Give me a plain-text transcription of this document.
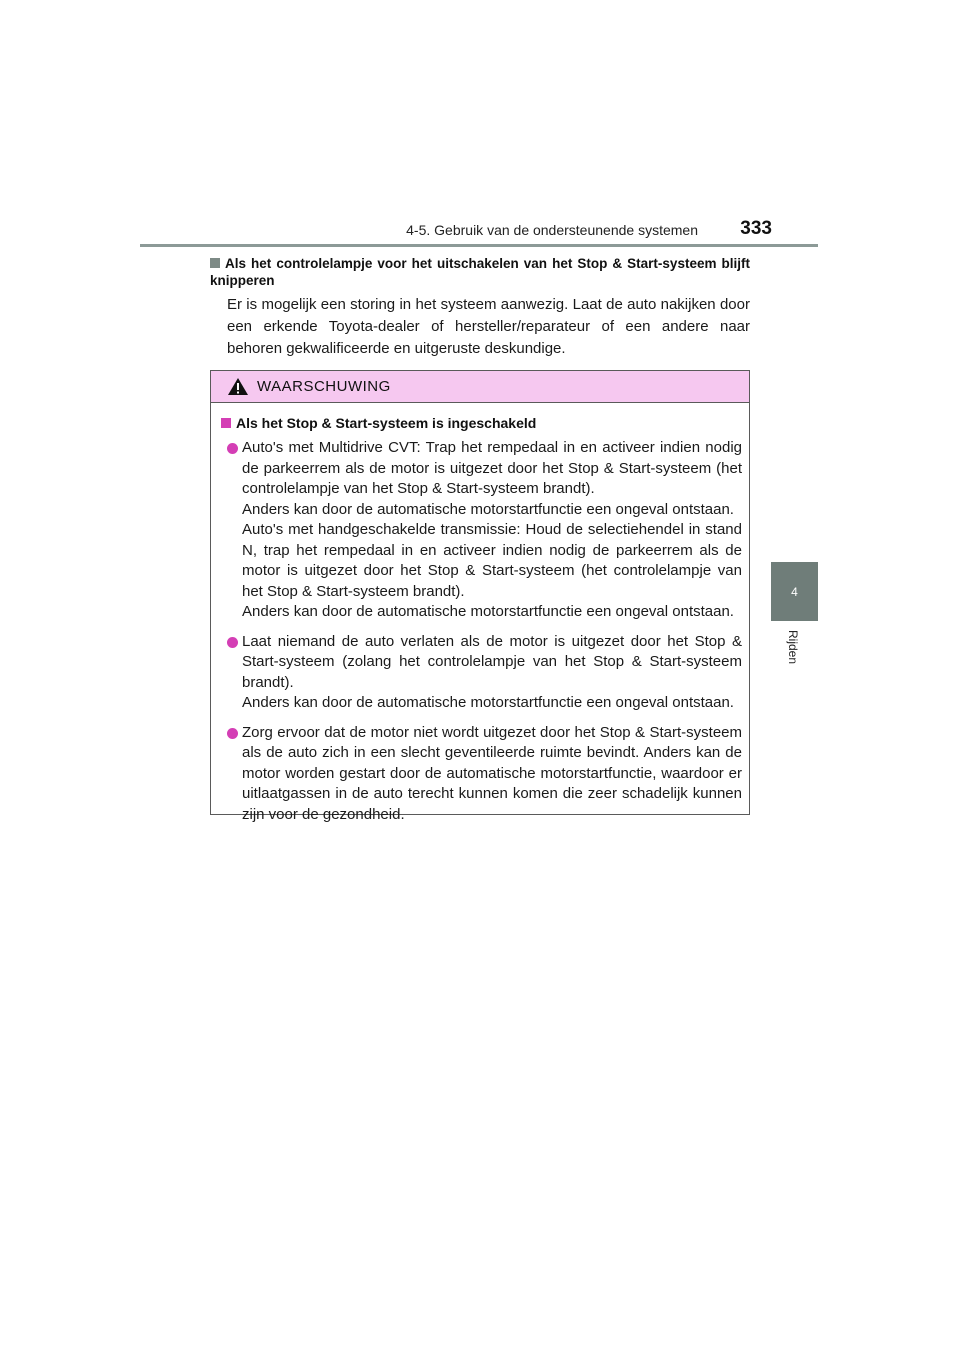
4-5. Gebruik van de ondersteunende systemen 333
4
Rijden
Als het controlelampje voor het uitschakelen van het Stop & Start-systeem blijft knipperen
Er is mogelijk een storing in het systeem aanwezig. Laat de auto nakijken door een erkende Toyota-dealer of hersteller/reparateur of een andere naar behoren gekwalificeerde en uitgeruste deskundige.
WAARSCHUWING
Als het Stop & Start-systeem is ingeschakeld
Auto's met Multidrive CVT: Trap het rempedaal in en activeer indien nodig de parkeerrem als de motor is uitgezet door het Stop & Start-systeem (het controlelampje van het Stop & Start-systeem brandt).
Anders kan door de automatische motorstartfunctie een ongeval ontstaan.
Auto's met handgeschakelde transmissie: Houd de selectiehendel in stand N, trap het rempedaal in en activeer indien nodig de parkeerrem als de motor is uitgezet door het Stop & Start-systeem (het controlelampje van het Stop & Start-systeem brandt).
Anders kan door de automatische motorstartfunctie een ongeval ontstaan.
Laat niemand de auto verlaten als de motor is uitgezet door het Stop & Start-systeem (zolang het controlelampje van het Stop & Start-systeem brandt).
Anders kan door de automatische motorstartfunctie een ongeval ontstaan.
Zorg ervoor dat de motor niet wordt uitgezet door het Stop & Start-systeem als de auto zich in een slecht geventileerde ruimte bevindt. Anders kan de motor worden gestart door de automatische motorstartfunctie, waardoor er uitlaatgassen in de auto terecht kunnen komen die zeer schadelijk kunnen zijn voor de gezondheid.
